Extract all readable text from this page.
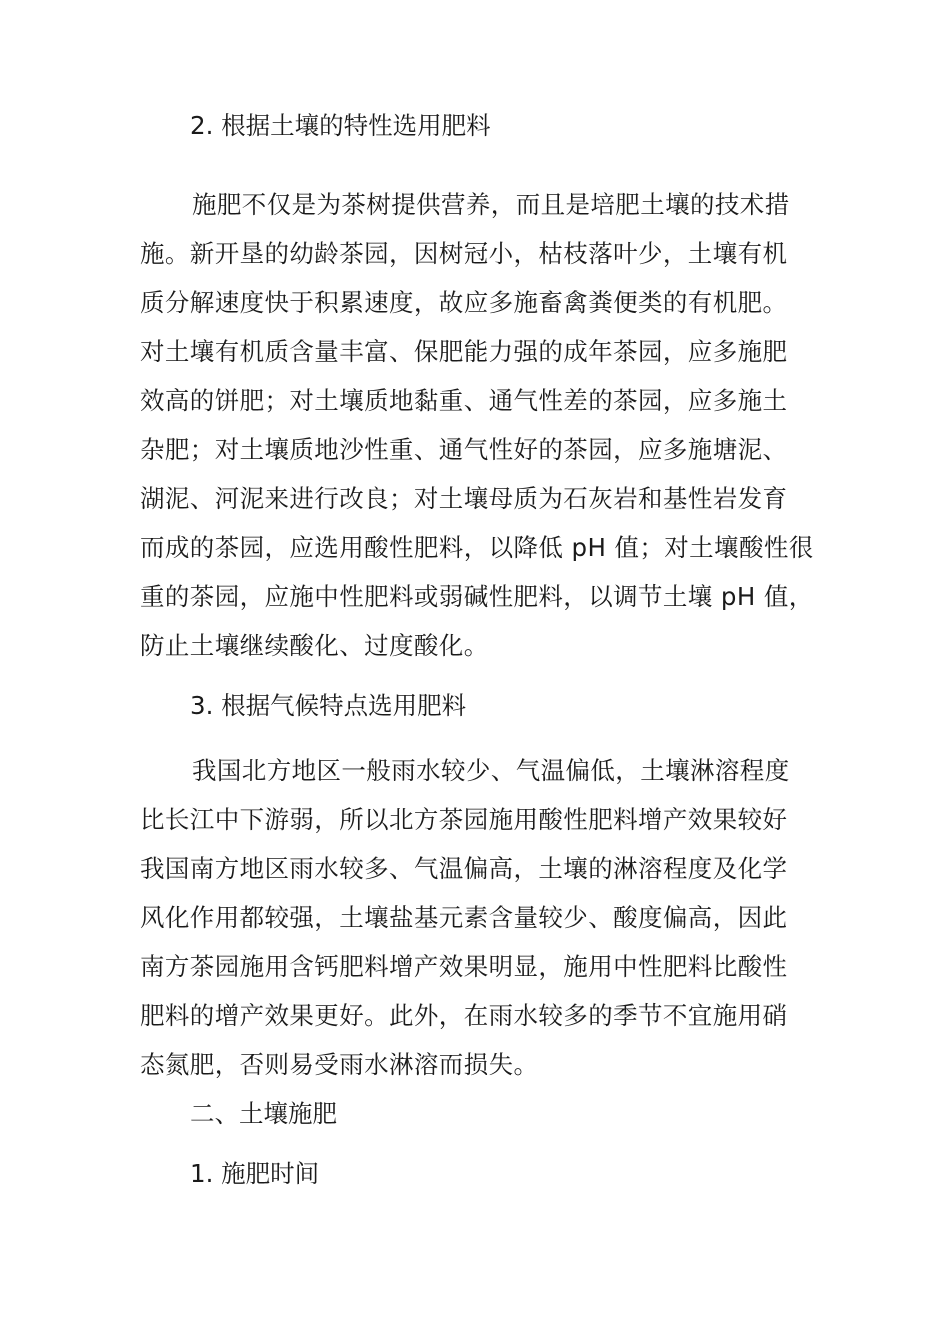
2. 根据土壤的特性选用肥料
施肥不仅是为茶树提供营养，而且是培肥土壤的技术措
施。新开垦的幼龄茶园，因树冠小，枯枝落叶少，土壤有机
质分解速度快于积累速度，故应多施畜禽粪便类的有机肥。
对土壤有机质含量丰富、保肥能力强的成年茶园，应多施肥
效高的饼肥；对土壤质地黏重、通气性差的茶园，应多施土
杂肥；对土壤质地沙性重、通气性好的茶园，应多施塘泥、
湖泥、河泥来进行改良；对土壤母质为石灰岩和基性岩发育
而成的茶园，应选用酸性肥料，以降低 pH 值；对土壤酸性很
重的茶园，应施中性肥料或弱碱性肥料，以调节土壤 pH 值，
防止土壤继续酸化、过度酸化。
3. 根据气候特点选用肥料
我国北方地区一般雨水较少、气温偏低，土壤淋溶程度
比长江中下游弱，所以北方茶园施用酸性肥料增产效果较好
我国南方地区雨水较多、气温偏高，土壤的淋溶程度及化学
风化作用都较强，土壤盐基元素含量较少、酸度偏高，因此
南方茶园施用含钙肥料增产效果明显，施用中性肥料比酸性
肥料的增产效果更好。此外，在雨水较多的季节不宜施用硝
态氮肥，否则易受雨水淋溶而损失。
二、土壤施肥
1. 施肥时间
